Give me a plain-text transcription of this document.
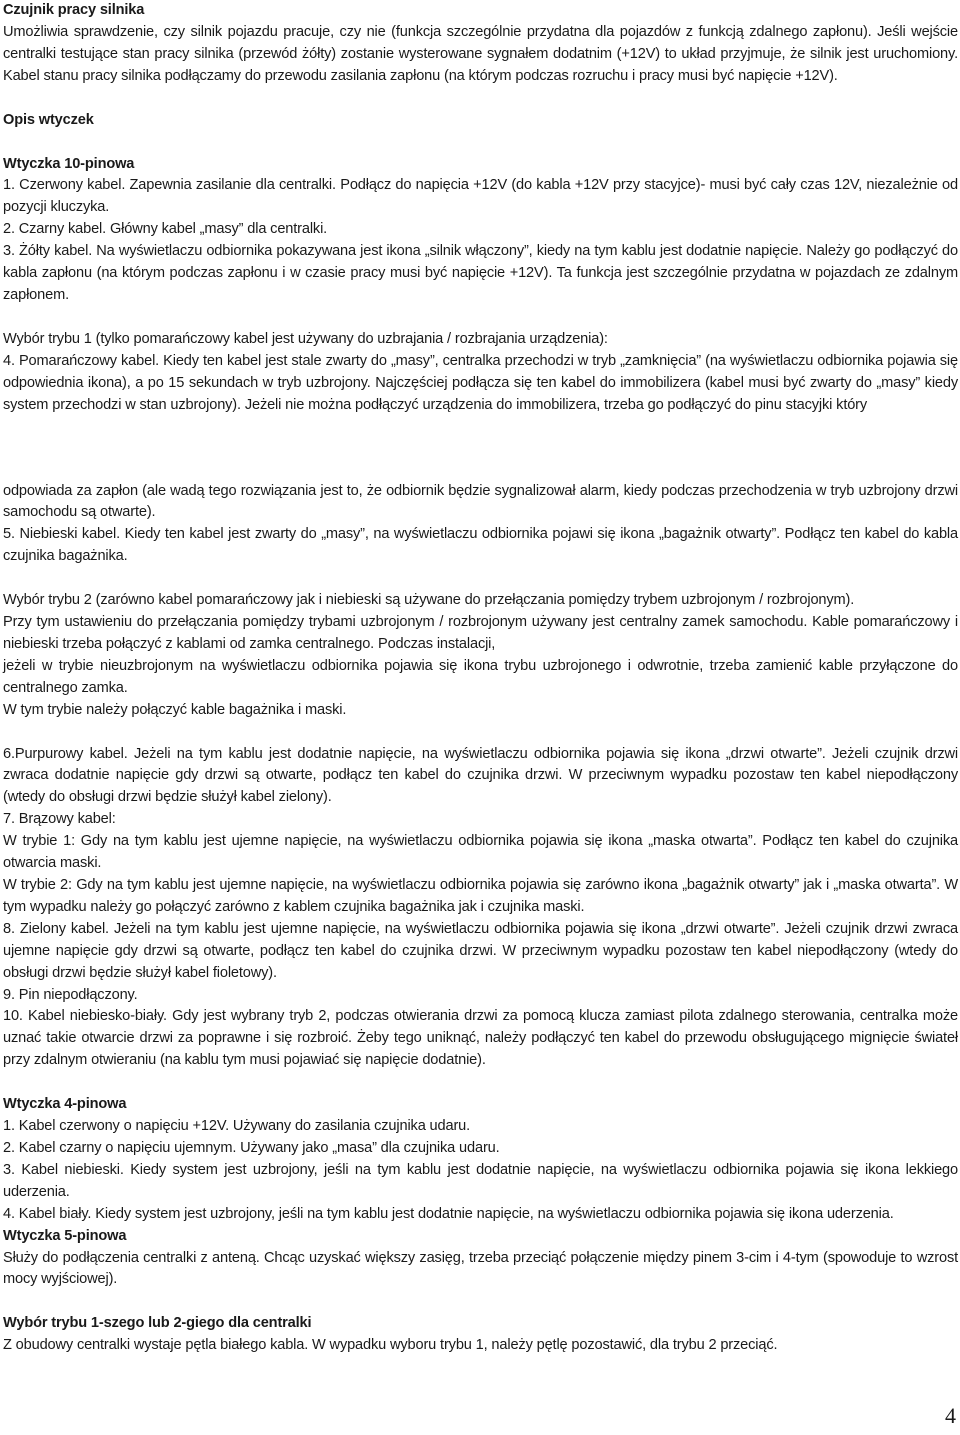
Czujnik pracy silnika

Umożliwia sprawdzenie, czy silnik pojazdu pracuje, czy nie (funkcja szczególnie przydatna dla pojazdów z funkcją zdalnego zapłonu). Jeśli wejście centralki testujące stan pracy silnika (przewód żółty) zostanie wysterowane sygnałem dodatnim (+12V) to układ przyjmuje, że silnik jest uruchomiony. Kabel stanu pracy silnika podłączamy do przewodu zasilania zapłonu (na którym podczas rozruchu i pracy musi być napięcie +12V).

Opis wtyczek

Wtyczka 10-pinowa

1. Czerwony kabel. Zapewnia zasilanie dla centralki. Podłącz do napięcia +12V (do kabla +12V przy stacyjce)- musi być cały czas 12V, niezależnie od pozycji kluczyka.

2. Czarny kabel. Główny kabel „masy” dla centralki.

3. Żółty kabel. Na wyświetlaczu odbiornika pokazywana jest ikona „silnik włączony”, kiedy na tym kablu jest dodatnie napięcie. Należy go podłączyć do kabla zapłonu (na którym podczas zapłonu i w czasie pracy musi być napięcie +12V). Ta funkcja jest szczególnie przydatna w pojazdach ze zdalnym zapłonem.

Wybór trybu 1 (tylko pomarańczowy kabel jest używany do uzbrajania / rozbrajania urządzenia):

4. Pomarańczowy kabel. Kiedy ten kabel jest stale zwarty do „masy”, centralka przechodzi w tryb „zamknięcia” (na wyświetlaczu odbiornika pojawia się odpowiednia ikona), a po 15 sekundach w tryb uzbrojony. Najczęściej podłącza się ten kabel do immobilizera (kabel musi być zwarty do „masy” kiedy system przechodzi w stan uzbrojony). Jeżeli nie można podłączyć urządzenia do immobilizera, trzeba go podłączyć do pinu stacyjki który

odpowiada za zapłon (ale wadą tego rozwiązania jest to, że odbiornik będzie sygnalizował alarm, kiedy podczas przechodzenia w tryb uzbrojony drzwi samochodu są otwarte).

5. Niebieski kabel. Kiedy ten kabel jest zwarty do „masy”, na wyświetlaczu odbiornika pojawi się ikona „bagażnik otwarty”. Podłącz ten kabel do kabla czujnika bagażnika.

Wybór trybu 2 (zarówno kabel pomarańczowy jak i niebieski są używane do przełączania pomiędzy trybem uzbrojonym / rozbrojonym).

Przy tym ustawieniu do przełączania pomiędzy trybami uzbrojonym / rozbrojonym używany jest centralny zamek samochodu. Kable pomarańczowy i niebieski trzeba połączyć z kablami od zamka centralnego. Podczas instalacji,

jeżeli w trybie nieuzbrojonym na wyświetlaczu odbiornika pojawia się ikona trybu uzbrojonego i odwrotnie, trzeba zamienić kable przyłączone do centralnego zamka.

W tym trybie należy połączyć kable bagażnika i maski.

6.Purpurowy kabel. Jeżeli na tym kablu jest dodatnie napięcie, na wyświetlaczu odbiornika pojawia się ikona „drzwi otwarte”. Jeżeli czujnik drzwi zwraca dodatnie napięcie gdy drzwi są otwarte, podłącz ten kabel do czujnika drzwi. W przeciwnym wypadku pozostaw ten kabel niepodłączony (wtedy do obsługi drzwi będzie służył kabel zielony).

7. Brązowy kabel:

W trybie 1: Gdy na tym kablu jest ujemne napięcie, na wyświetlaczu odbiornika pojawia się ikona „maska otwarta”. Podłącz ten kabel do czujnika otwarcia maski.

W trybie 2: Gdy na tym kablu jest ujemne napięcie, na wyświetlaczu odbiornika pojawia się zarówno ikona „bagażnik otwarty” jak i „maska otwarta”. W tym wypadku należy go połączyć zarówno z kablem czujnika bagażnika jak i czujnika maski.

8. Zielony kabel. Jeżeli na tym kablu jest ujemne napięcie, na wyświetlaczu odbiornika pojawia się ikona „drzwi otwarte”. Jeżeli czujnik drzwi zwraca ujemne napięcie gdy drzwi są otwarte, podłącz ten kabel do czujnika drzwi. W przeciwnym wypadku pozostaw ten kabel niepodłączony (wtedy do obsługi drzwi będzie służył kabel fioletowy).

9. Pin niepodłączony.

10. Kabel niebiesko-biały. Gdy jest wybrany tryb 2, podczas otwierania drzwi za pomocą klucza zamiast pilota zdalnego sterowania, centralka może uznać takie otwarcie drzwi za poprawne i się rozbroić. Żeby tego uniknąć, należy podłączyć ten kabel do przewodu obsługującego mignięcie świateł przy zdalnym otwieraniu (na kablu tym musi pojawiać się napięcie dodatnie).

Wtyczka 4-pinowa

1. Kabel czerwony o napięciu +12V. Używany do zasilania czujnika udaru.

2. Kabel czarny o napięciu ujemnym. Używany jako „masa” dla czujnika udaru.

3. Kabel niebieski. Kiedy system jest uzbrojony, jeśli na tym kablu jest dodatnie napięcie, na wyświetlaczu odbiornika pojawia się ikona lekkiego uderzenia.

4. Kabel biały. Kiedy system jest uzbrojony, jeśli na tym kablu jest dodatnie napięcie, na wyświetlaczu odbiornika pojawia się ikona uderzenia.

Wtyczka 5-pinowa

Służy do podłączenia centralki z anteną. Chcąc uzyskać większy zasięg, trzeba przeciąć połączenie między pinem 3-cim i 4-tym (spowoduje to wzrost mocy wyjściowej).

Wybór trybu 1-szego lub 2-giego dla centralki

Z obudowy centralki wystaje pętla białego kabla. W wypadku wyboru trybu 1, należy pętlę pozostawić, dla trybu 2 przeciąć.

4
